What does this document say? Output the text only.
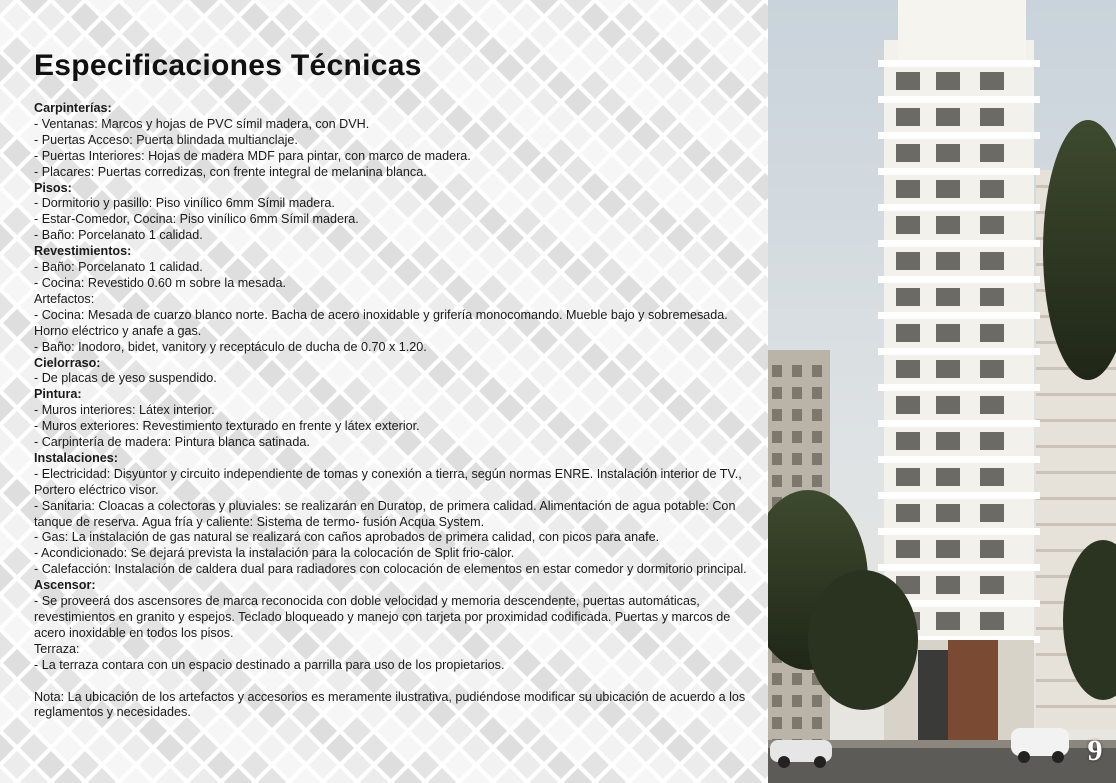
Especificaciones Técnicas
Carpinterías:
- Ventanas: Marcos y hojas de PVC símil madera, con DVH.
- Puertas Acceso: Puerta blindada multianclaje.
- Puertas Interiores: Hojas de madera MDF para pintar, con marco de madera.
- Placares: Puertas corredizas, con frente integral de melanina blanca.
Pisos:
- Dormitorio y pasillo: Piso vinílico 6mm Símil madera.
- Estar-Comedor, Cocina: Piso vinílico 6mm Símil madera.
- Baño: Porcelanato 1 calidad.
Revestimientos:
- Baño: Porcelanato 1 calidad.
- Cocina: Revestido 0.60 m sobre la mesada.
Artefactos:
- Cocina: Mesada de cuarzo blanco norte. Bacha de acero inoxidable y grifería monocomando. Mueble bajo y sobremesada. Horno eléctrico y anafe a gas.
- Baño: Inodoro, bidet, vanitory y receptáculo de ducha de 0.70 x 1.20.
Cielorraso:
- De placas de yeso suspendido.
Pintura:
- Muros interiores: Látex interior.
- Muros exteriores: Revestimiento texturado en frente y látex exterior.
- Carpintería de madera: Pintura blanca satinada.
Instalaciones:
- Electricidad: Disyuntor y circuito independiente de tomas y conexión a tierra, según normas ENRE. Instalación interior de TV., Portero eléctrico visor.
- Sanitaria: Cloacas a colectoras y pluviales: se realizarán en Duratop, de primera calidad. Alimentación de agua potable: Con tanque de reserva. Agua fría y caliente: Sistema de termo- fusión Acqua System.
- Gas: La instalación de gas natural se realizará con caños aprobados de primera calidad, con picos para anafe.
- Acondicionado: Se dejará prevista la instalación para la colocación de Split frio-calor.
- Calefacción: Instalación de caldera dual para radiadores con colocación de elementos en estar comedor y dormitorio principal.
Ascensor:
- Se proveerá dos ascensores de marca reconocida con doble velocidad y memoria descendente, puertas automáticas, revestimientos en granito y espejos. Teclado bloqueado y manejo con tarjeta por proximidad codificada. Puertas y marcos de acero inoxidable en todos los pisos.
Terraza:
- La terraza contara con un espacio destinado a parrilla para uso de los propietarios.
Nota: La ubicación de los artefactos y accesorios es meramente ilustrativa, pudiéndose modificar su ubicación de acuerdo a los reglamentos y necesidades.
9
